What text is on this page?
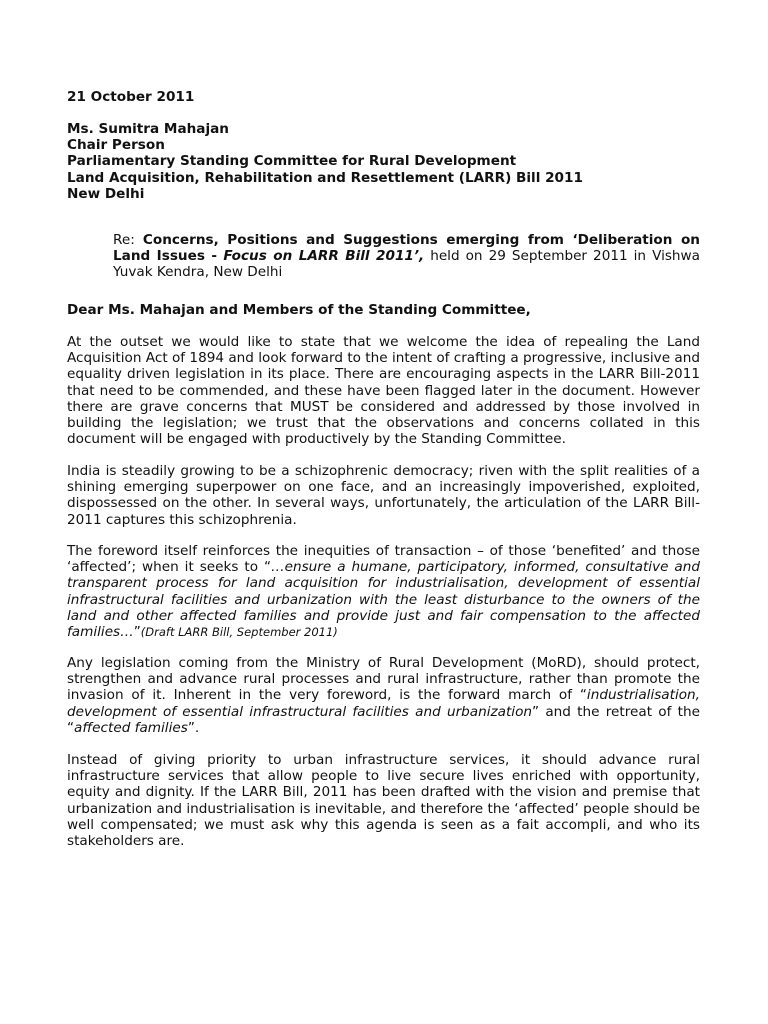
21 October 2011
Ms. Sumitra Mahajan
Chair Person
Parliamentary Standing Committee for Rural Development
Land Acquisition, Rehabilitation and Resettlement (LARR) Bill 2011
New Delhi
Re: Concerns, Positions and Suggestions emerging from ‘Deliberation on Land Issues - Focus on LARR Bill 2011’, held on 29 September 2011 in Vishwa Yuvak Kendra, New Delhi
Dear Ms. Mahajan and Members of the Standing Committee,
At the outset we would like to state that we welcome the idea of repealing the Land Acquisition Act of 1894 and look forward to the intent of crafting a progressive, inclusive and equality driven legislation in its place. There are encouraging aspects in the LARR Bill-2011 that need to be commended, and these have been flagged later in the document. However there are grave concerns that MUST be considered and addressed by those involved in building the legislation; we trust that the observations and concerns collated in this document will be engaged with productively by the Standing Committee.
India is steadily growing to be a schizophrenic democracy; riven with the split realities of a shining emerging superpower on one face, and an increasingly impoverished, exploited, dispossessed on the other. In several ways, unfortunately, the articulation of the LARR Bill-2011 captures this schizophrenia.
The foreword itself reinforces the inequities of transaction – of those ‘benefited’ and those ‘affected’; when it seeks to “…ensure a humane, participatory, informed, consultative and transparent process for land acquisition for industrialisation, development of essential infrastructural facilities and urbanization with the least disturbance to the owners of the land and other affected families and provide just and fair compensation to the affected families…”(Draft LARR Bill, September 2011)
Any legislation coming from the Ministry of Rural Development (MoRD), should protect, strengthen and advance rural processes and rural infrastructure, rather than promote the invasion of it. Inherent in the very foreword, is the forward march of “industrialisation, development of essential infrastructural facilities and urbanization” and the retreat of the “affected families”.
Instead of giving priority to urban infrastructure services, it should advance rural infrastructure services that allow people to live secure lives enriched with opportunity, equity and dignity. If the LARR Bill, 2011 has been drafted with the vision and premise that urbanization and industrialisation is inevitable, and therefore the ‘affected’ people should be well compensated; we must ask why this agenda is seen as a fait accompli, and who its stakeholders are.
